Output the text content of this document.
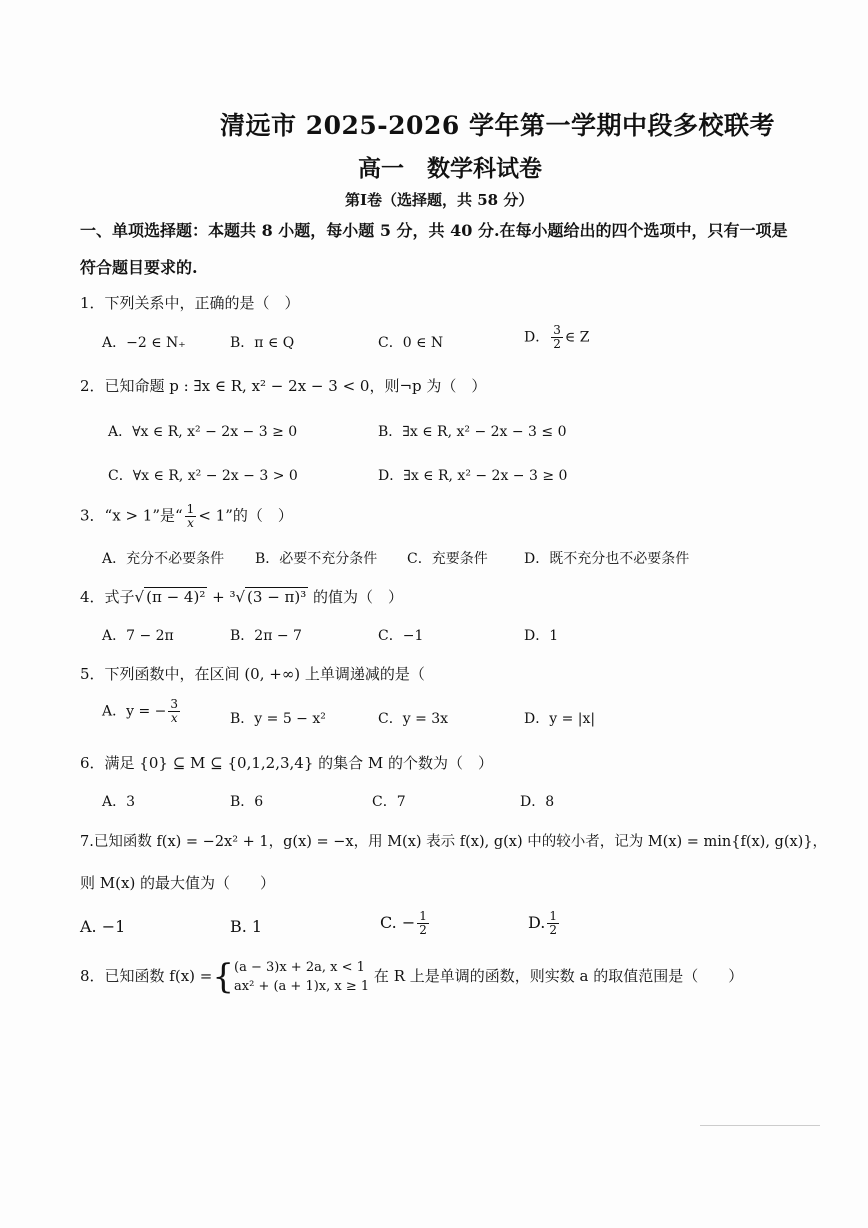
清远市 2025-2026 学年第一学期中段多校联考
高一　数学科试卷
第Ⅰ卷（选择题，共 58 分）
一、单项选择题：本题共 8 小题，每小题 5 分，共 40 分.在每小题给出的四个选项中，只有一项是
符合题目要求的.
1．下列关系中，正确的是（　）
A．−2 ∈ N₊	B．π ∈ Q	C．0 ∈ N	D． $\frac{3}{2}$ ∈ Z
2．已知命题 p : ∃x ∈ R, x² − 2x − 3 < 0，则¬p 为（　）
A．∀x ∈ R, x² − 2x − 3 ≥ 0	B．∃x ∈ R, x² − 2x − 3 ≤ 0
C．∀x ∈ R, x² − 2x − 3 > 0	D．∃x ∈ R, x² − 2x − 3 ≥ 0
3．“x > 1”是“ $\frac{1}{x} < 1$”的（　）
A．充分不必要条件 B．必要不充分条件 C．充要条件	D．既不充分也不必要条件
4．式子√ (π − 4)² + ³√ (3 − π)³ 的值为（　）
A．7 − 2π	B．2π − 7	C．−1	D．1
5．下列函数中，在区间 (0, +∞) 上单调递减的是（
A．y = − $\frac{3}{x}$	B．y = 5 − x²	C．y = 3x	D．y = |x|
6．满足 {0} ⊆ M ⊆ {0,1,2,3,4} 的集合 M 的个数为（　）
A．3	B．6	C．7	D．8
7.已知函数 f(x) = −2x² + 1，g(x) = −x，用 M(x) 表示 f(x), g(x) 中的较小者，记为 M(x) = min{f(x), g(x)}，
则 M(x) 的最大值为（　　）
A. −1	B. 1	C. − $\frac{1}{2}$	D. $\frac{1}{2}$
8．已知函数 f(x) ={ (a − 3)x + 2a, x < 1
ax² + (a + 1)x, x ≥ 1
在 R 上是单调的函数，则实数 a 的取值范围是（　　）
